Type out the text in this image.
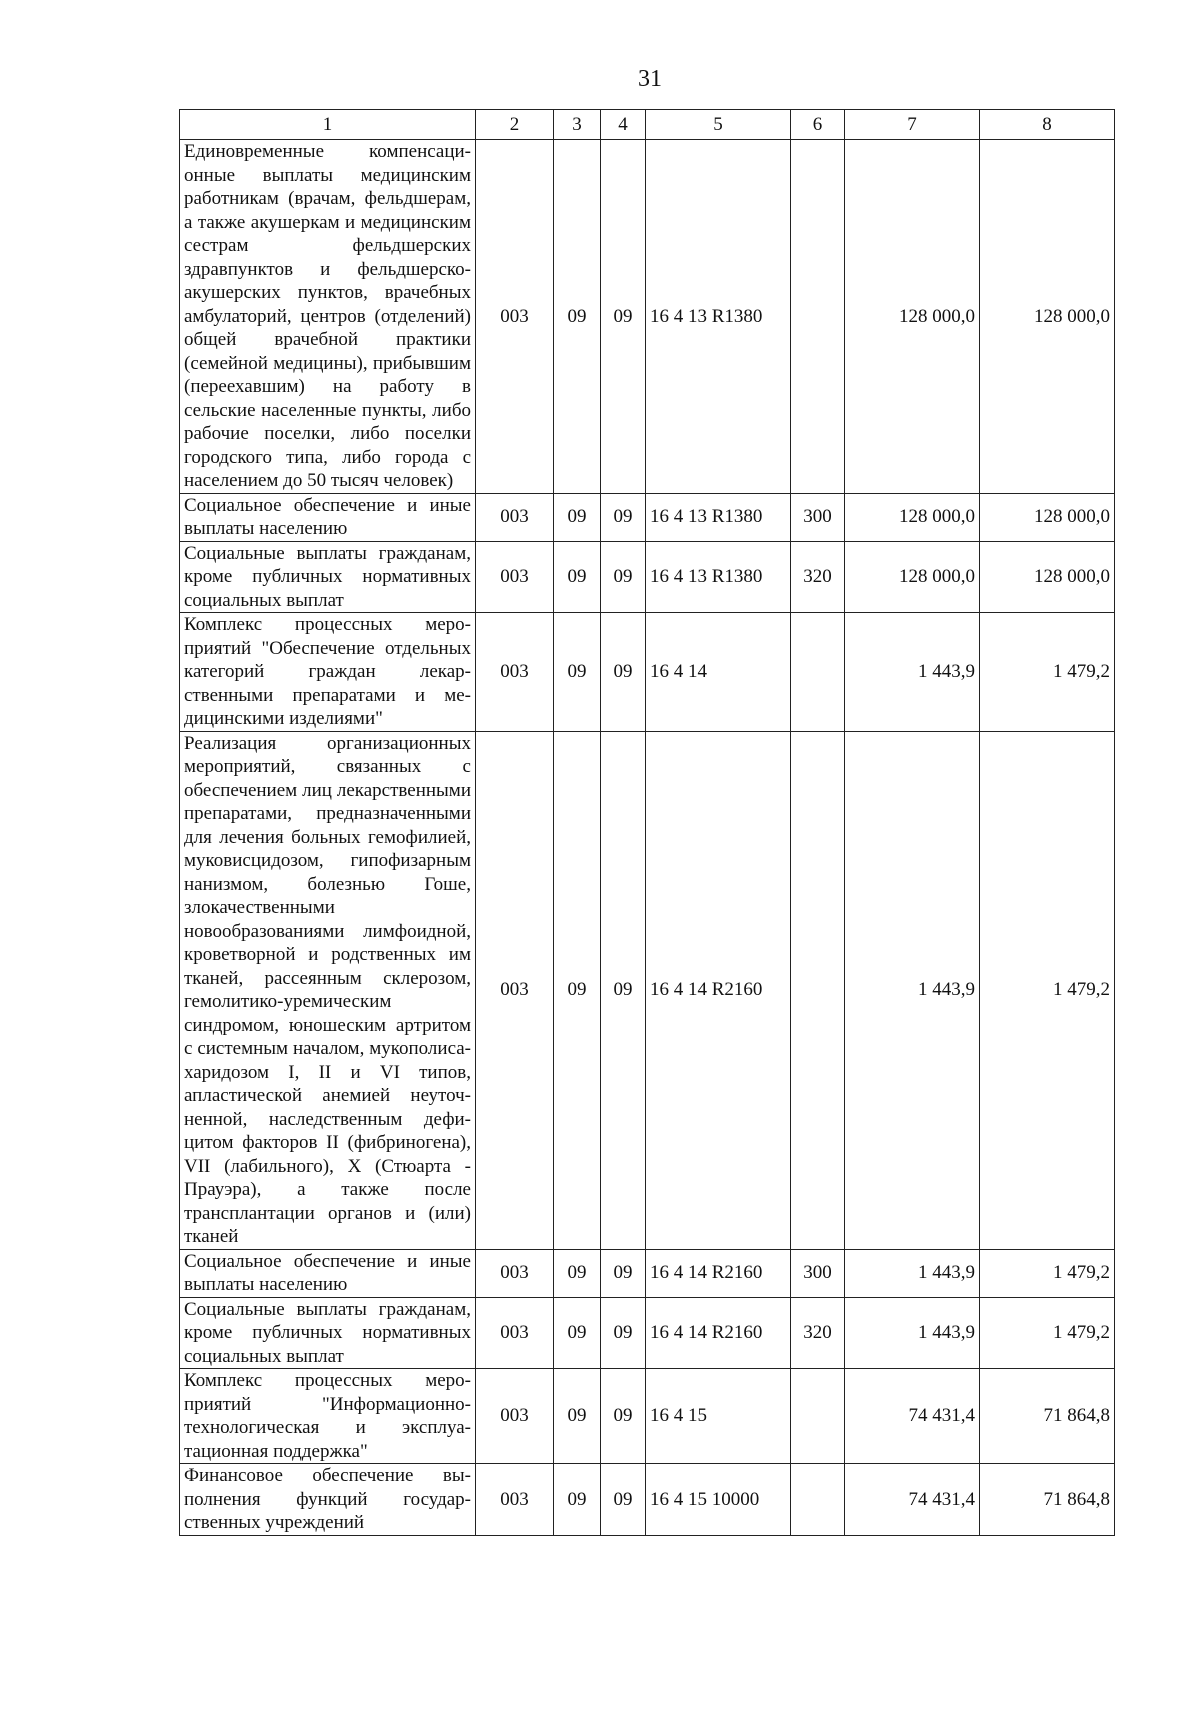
31
1	2	3	4	5	6	7	8
Единовременные компенсационные выплаты медицинским работникам (врачам, фельдшерам, а также акушеркам и медицинским сестрам фельдшерских здравпунктов и фельдшерско-акушерских пунктов, врачебных амбулаторий, центров (отделений) общей врачебной практики (семейной медицины), прибывшим (переехавшим) на работу в сельские населенные пункты, либо рабочие поселки, либо поселки городского типа, либо города с населением до 50 тысяч человек)	003	09	09	16 4 13 R1380		128 000,0	128 000,0
Социальное обеспечение и иные выплаты населению	003	09	09	16 4 13 R1380	300	128 000,0	128 000,0
Социальные выплаты гражданам, кроме публичных нормативных социальных выплат	003	09	09	16 4 13 R1380	320	128 000,0	128 000,0
Комплекс процессных мероприятий "Обеспечение отдельных категорий граждан лекарственными препаратами и медицинскими изделиями"	003	09	09	16 4 14		1 443,9	1 479,2
Реализация организационных мероприятий, связанных с обеспечением лиц лекарственными препаратами, предназначенными для лечения больных гемофилией, муковисцидозом, гипофизарным нанизмом, болезнью Гоше, злокачественными новообразованиями лимфоидной, кроветворной и родственных им тканей, рассеянным склерозом, гемолитико-уремическим синдромом, юношеским артритом с системным началом, мукополисахаридозом I, II и VI типов, апластической анемией неуточненной, наследственным дефицитом факторов II (фибриногена), VII (лабильного), X (Стюарта - Прауэра), а также после трансплантации органов и (или) тканей	003	09	09	16 4 14 R2160		1 443,9	1 479,2
Социальное обеспечение и иные выплаты населению	003	09	09	16 4 14 R2160	300	1 443,9	1 479,2
Социальные выплаты гражданам, кроме публичных нормативных социальных выплат	003	09	09	16 4 14 R2160	320	1 443,9	1 479,2
Комплекс процессных мероприятий "Информационно-технологическая и эксплуатационная поддержка"	003	09	09	16 4 15		74 431,4	71 864,8
Финансовое обеспечение выполнения функций государственных учреждений	003	09	09	16 4 15 10000		74 431,4	71 864,8
